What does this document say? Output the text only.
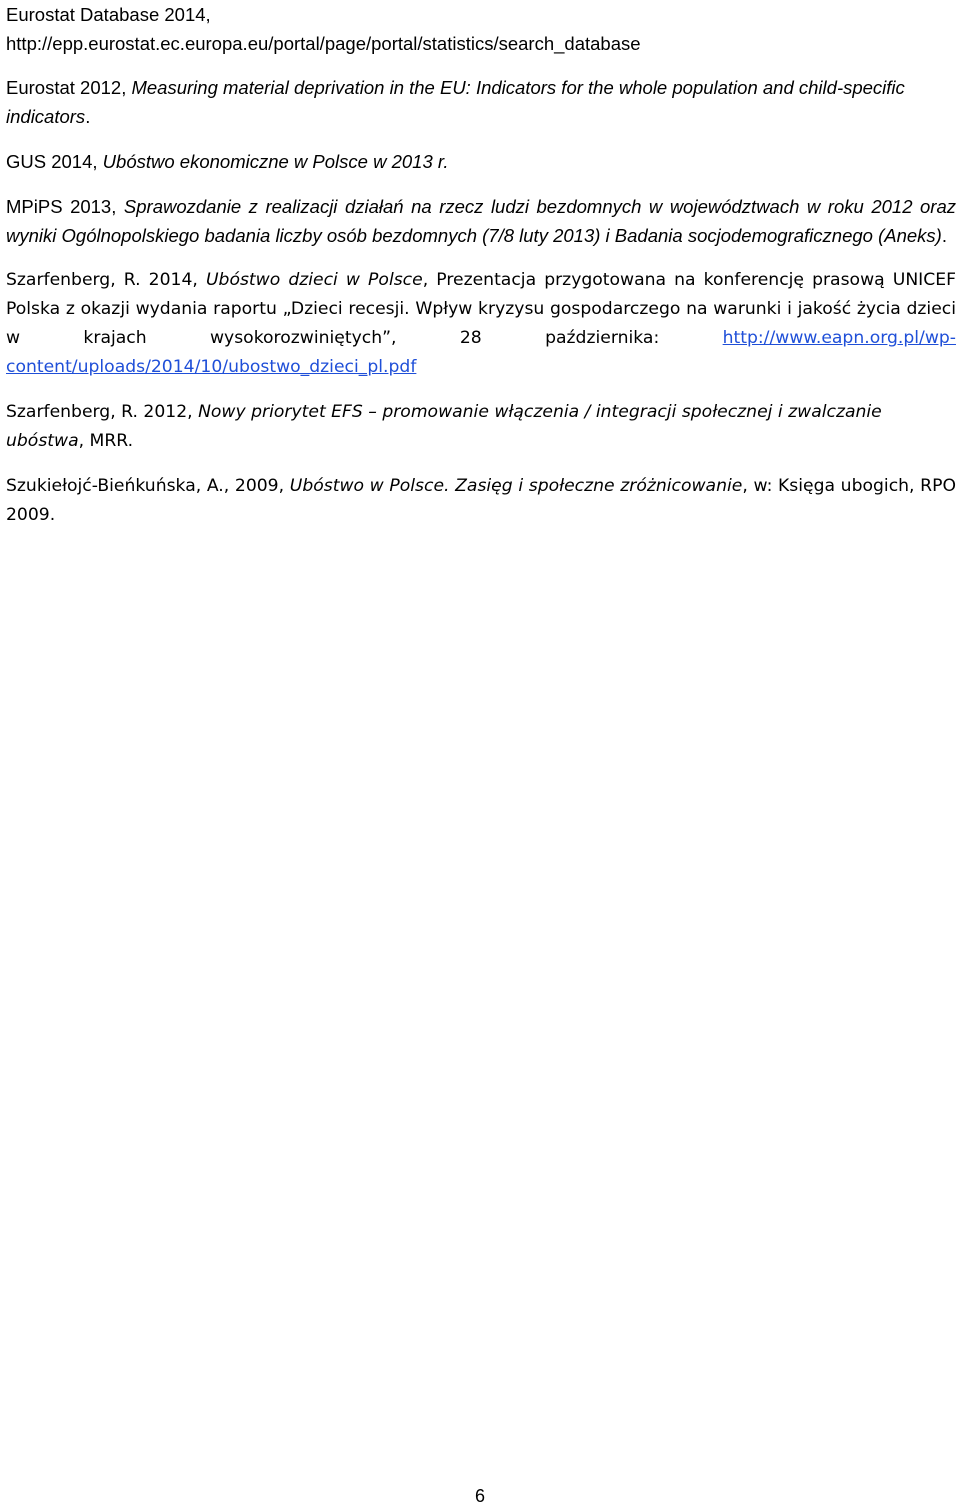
Eurostat Database 2014,
http://epp.eurostat.ec.europa.eu/portal/page/portal/statistics/search_database

Eurostat 2012, Measuring material deprivation in the EU: Indicators for the whole population and child-specific indicators.

GUS 2014, Ubóstwo ekonomiczne w Polsce w 2013 r.

MPiPS 2013, Sprawozdanie z realizacji działań na rzecz ludzi bezdomnych w województwach w roku 2012 oraz wyniki Ogólnopolskiego badania liczby osób bezdomnych (7/8 luty 2013) i Badania socjodemograficznego (Aneks).

Szarfenberg, R. 2014, Ubóstwo dzieci w Polsce, Prezentacja przygotowana na konferencję prasową UNICEF Polska z okazji wydania raportu „Dzieci recesji. Wpływ kryzysu gospodarczego na warunki i jakość życia dzieci w krajach wysokorozwiniętych”, 28 października: http://www.eapn.org.pl/wp-content/uploads/2014/10/ubostwo_dzieci_pl.pdf

Szarfenberg, R. 2012, Nowy priorytet EFS – promowanie włączenia / integracji społecznej i zwalczanie ubóstwa, MRR.

Szukiełojć-Bieńkuńska, A., 2009, Ubóstwo w Polsce. Zasięg i społeczne zróżnicowanie, w: Księga ubogich, RPO 2009.

6
